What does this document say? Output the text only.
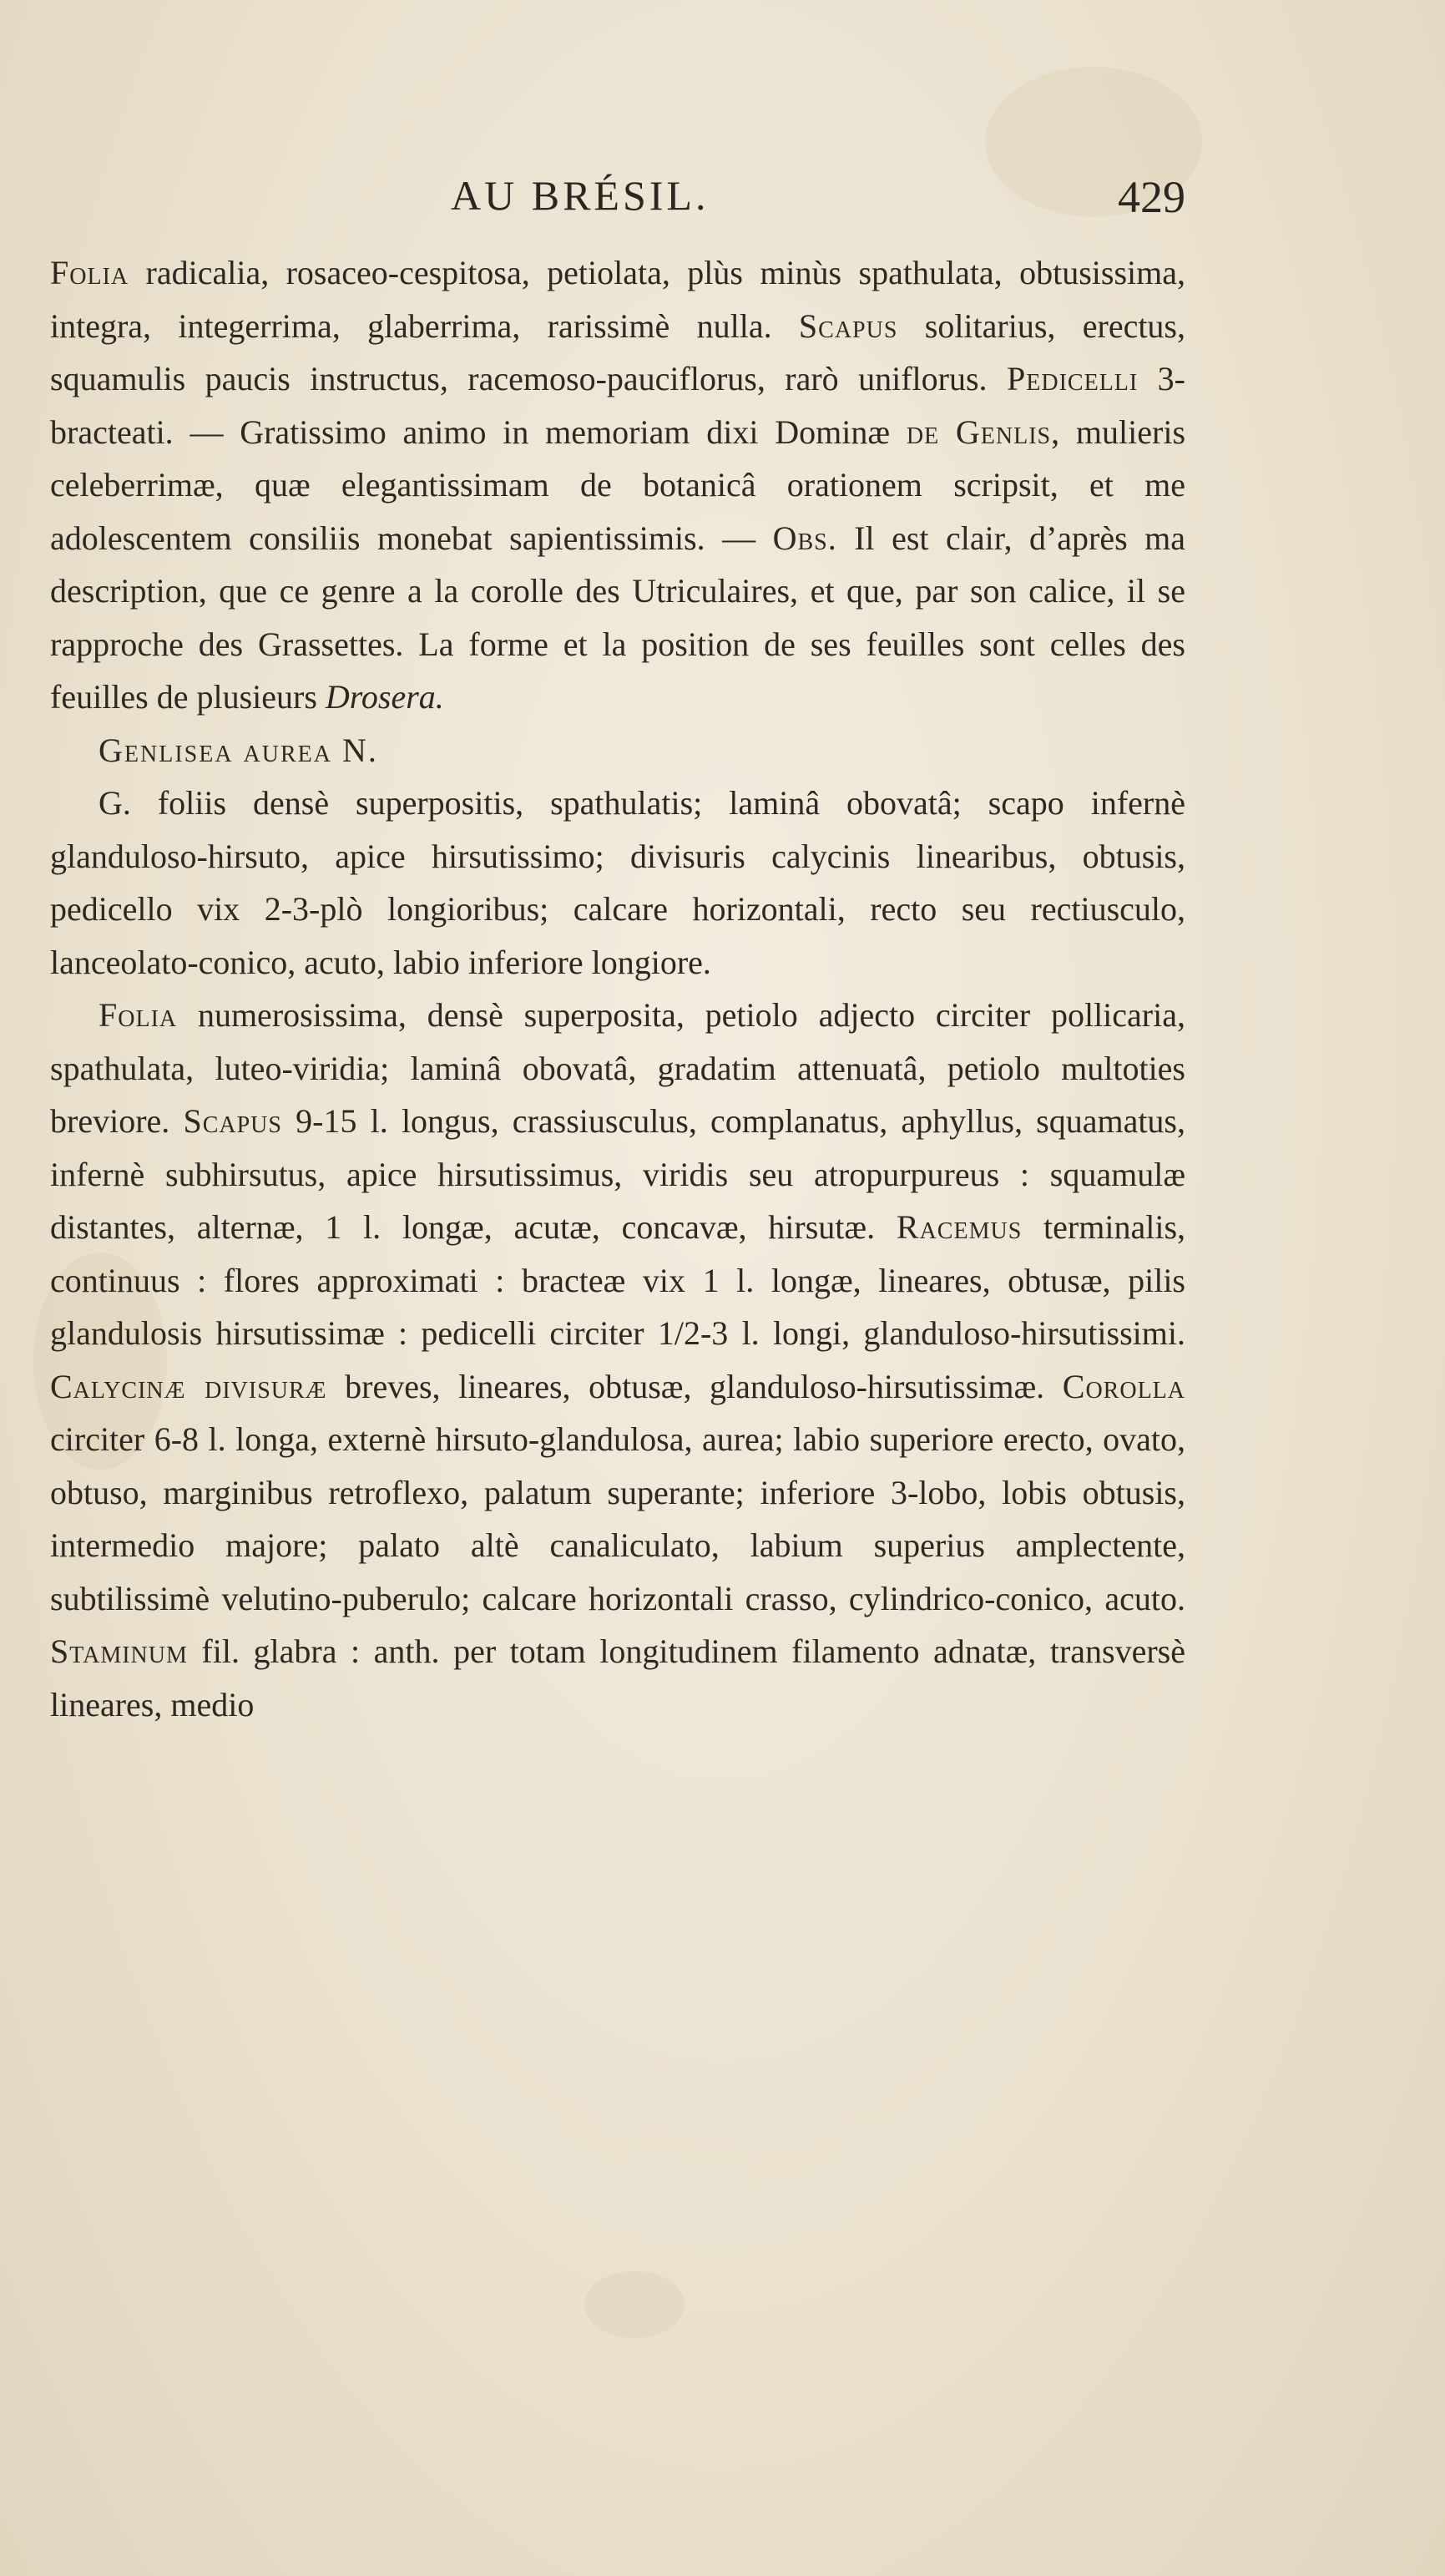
AU BRÉSIL.	429

Folia radicalia, rosaceo-cespitosa, petiolata, plùs minùs spathulata, obtusissima, integra, integerrima, glaberrima, rarissimè nulla. Scapus solitarius, erectus, squamulis paucis instructus, racemoso-pauciflorus, rarò uniflorus. Pedicelli 3-bracteati. — Gratissimo animo in memoriam dixi Dominæ de Genlis, mulieris celeberrimæ, quæ elegantissimam de botanicâ orationem scripsit, et me adolescentem consiliis monebat sapientissimis. — Obs. Il est clair, d’après ma description, que ce genre a la corolle des Utriculaires, et que, par son calice, il se rapproche des Grassettes. La forme et la position de ses feuilles sont celles des feuilles de plusieurs Drosera.

Genlisea aurea N.

G. foliis densè superpositis, spathulatis; laminâ obovatâ; scapo infernè glanduloso-hirsuto, apice hirsutissimo; divisuris calycinis linearibus, obtusis, pedicello vix 2-3-plò longioribus; calcare horizontali, recto seu rectiusculo, lanceolato-conico, acuto, labio inferiore longiore.

Folia numerosissima, densè superposita, petiolo adjecto circiter pollicaria, spathulata, luteo-viridia; laminâ obovatâ, gradatim attenuatâ, petiolo multoties breviore. Scapus 9-15 l. longus, crassiusculus, complanatus, aphyllus, squamatus, infernè subhirsutus, apice hirsutissimus, viridis seu atropurpureus : squamulæ distantes, alternæ, 1 l. longæ, acutæ, concavæ, hirsutæ. Racemus terminalis, continuus : flores approximati : bracteæ vix 1 l. longæ, lineares, obtusæ, pilis glandulosis hirsutissimæ : pedicelli circiter 1/2-3 l. longi, glanduloso-hirsutissimi. Calycinæ divisuræ breves, lineares, obtusæ, glanduloso-hirsutissimæ. Corolla circiter 6-8 l. longa, externè hirsuto-glandulosa, aurea; labio superiore erecto, ovato, obtuso, marginibus retroflexo, palatum superante; inferiore 3-lobo, lobis obtusis, intermedio majore; palato altè canaliculato, labium superius amplectente, subtilissimè velutino-puberulo; calcare horizontali crasso, cylindrico-conico, acuto. Staminum fil. glabra : anth. per totam longitudinem filamento adnatæ, transversè lineares, medio
